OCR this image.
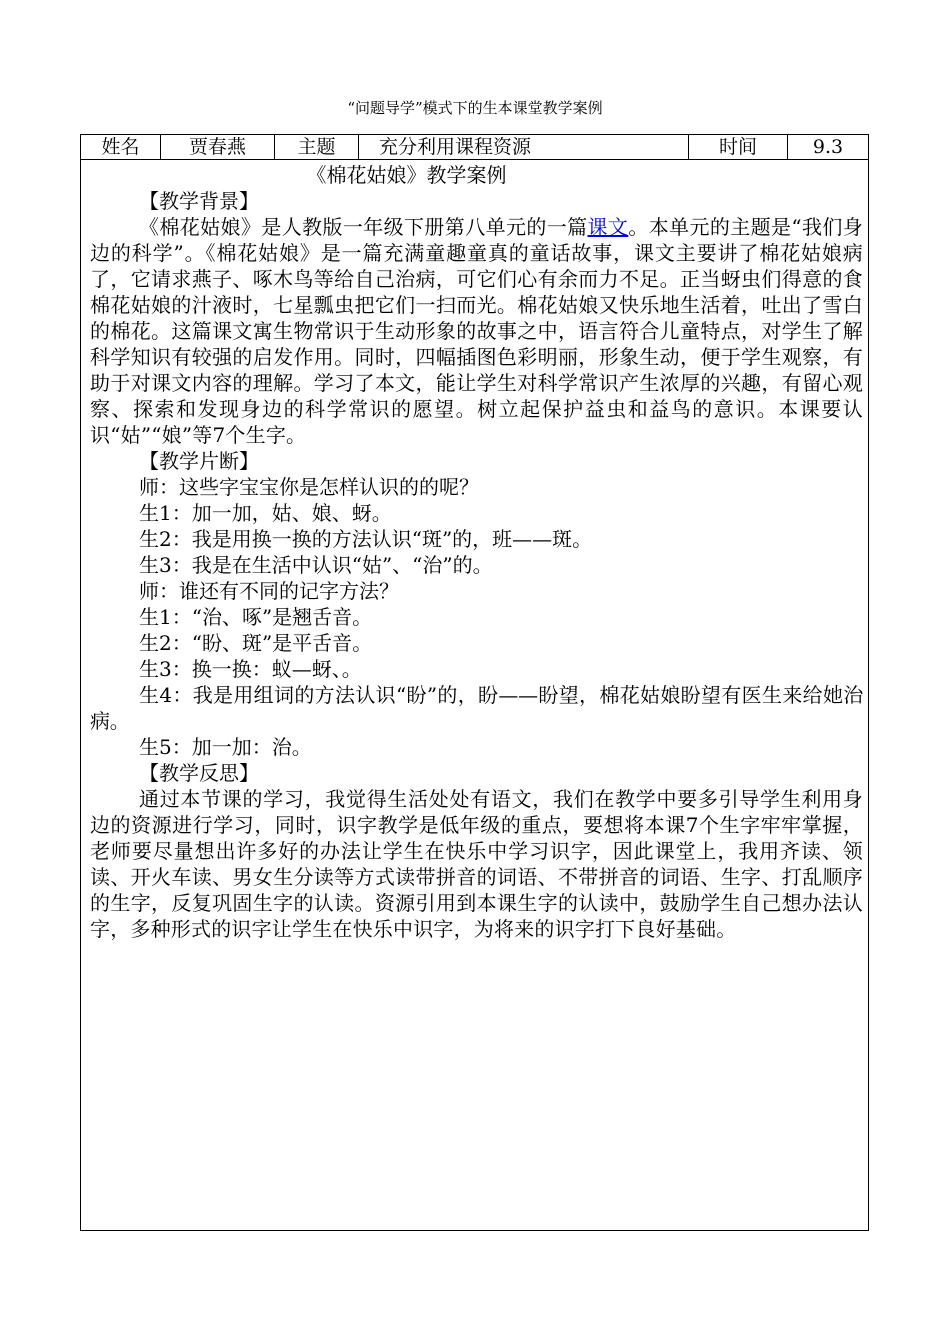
“问题导学”模式下的生本课堂教学案例
姓名	贾春燕	主题	充分利用课程资源	时间	9.3

《棉花姑娘》教学案例

【教学背景】

《棉花姑娘》是人教版一年级下册第八单元的一篇课文。本单元的主题是“我们身边的科学”。《棉花姑娘》是一篇充满童趣童真的童话故事，课文主要讲了棉花姑娘病了，它请求燕子、啄木鸟等给自己治病，可它们心有余而力不足。正当蚜虫们得意的食棉花姑娘的汁液时，七星瓢虫把它们一扫而光。棉花姑娘又快乐地生活着，吐出了雪白的棉花。这篇课文寓生物常识于生动形象的故事之中，语言符合儿童特点，对学生了解科学知识有较强的启发作用。同时，四幅插图色彩明丽，形象生动，便于学生观察，有助于对课文内容的理解。学习了本文，能让学生对科学常识产生浓厚的兴趣，有留心观察、探索和发现身边的科学常识的愿望。树立起保护益虫和益鸟的意识。本课要认识“姑”“娘”等7个生字。

【教学片断】

师：这些字宝宝你是怎样认识的的呢？

生1：加一加，姑、娘、蚜。

生2：我是用换一换的方法认识“斑”的，班——斑。

生3：我是在生活中认识“姑”、“治”的。

师：谁还有不同的记字方法？

生1：“治、啄”是翘舌音。

生2：“盼、斑”是平舌音。

生3：换一换：蚁—蚜、。

生4：我是用组词的方法认识“盼”的，盼——盼望，棉花姑娘盼望有医生来给她治病。

生5：加一加：治。

【教学反思】

通过本节课的学习，我觉得生活处处有语文，我们在教学中要多引导学生利用身边的资源进行学习，同时，识字教学是低年级的重点，要想将本课7个生字牢牢掌握，老师要尽量想出许多好的办法让学生在快乐中学习识字，因此课堂上，我用齐读、领读、开火车读、男女生分读等方式读带拼音的词语、不带拼音的词语、生字、打乱顺序的生字，反复巩固生字的认读。资源引用到本课生字的认读中，鼓励学生自己想办法认字，多种形式的识字让学生在快乐中识字，为将来的识字打下良好基础。
